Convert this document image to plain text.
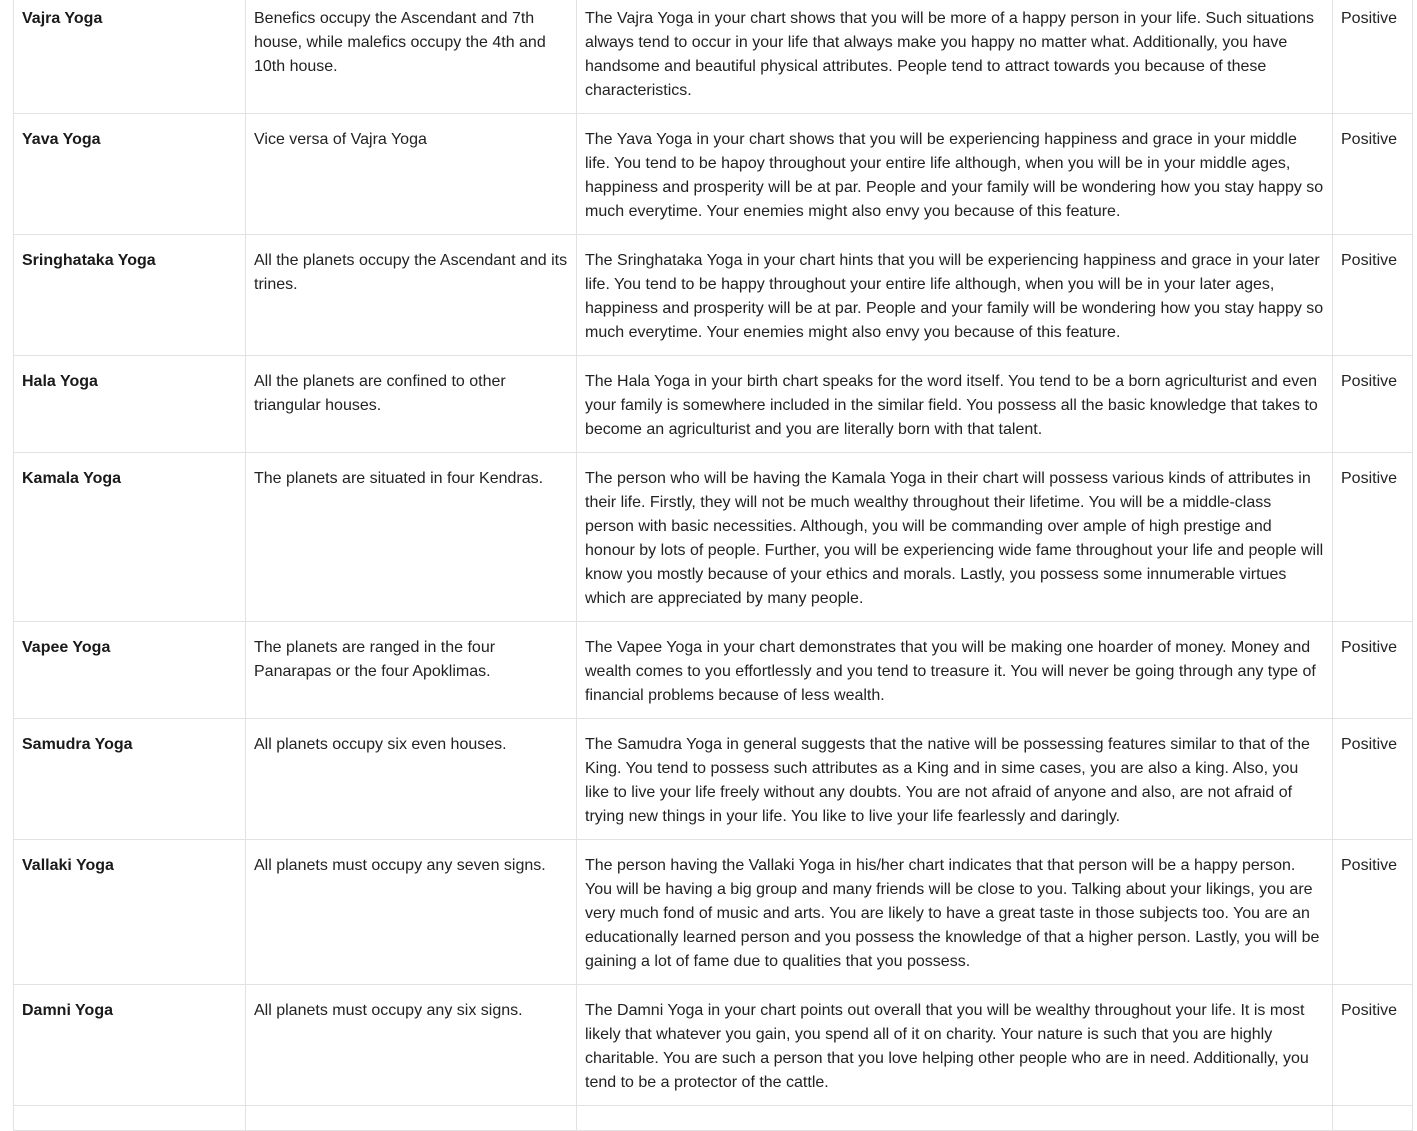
Vajra Yoga	Benefics occupy the Ascendant and 7th house, while malefics occupy the 4th and 10th house.	The Vajra Yoga in your chart shows that you will be more of a happy person in your life. Such situations always tend to occur in your life that always make you happy no matter what. Additionally, you have handsome and beautiful physical attributes. People tend to attract towards you because of these characteristics.	Positive
Yava Yoga	Vice versa of Vajra Yoga	The Yava Yoga in your chart shows that you will be experiencing happiness and grace in your middle life. You tend to be hapoy throughout your entire life although, when you will be in your middle ages, happiness and prosperity will be at par. People and your family will be wondering how you stay happy so much everytime. Your enemies might also envy you because of this feature.	Positive
Sringhataka Yoga	All the planets occupy the Ascendant and its trines.	The Sringhataka Yoga in your chart hints that you will be experiencing happiness and grace in your later life. You tend to be happy throughout your entire life although, when you will be in your later ages, happiness and prosperity will be at par. People and your family will be wondering how you stay happy so much everytime. Your enemies might also envy you because of this feature.	Positive
Hala Yoga	All the planets are confined to other triangular houses.	The Hala Yoga in your birth chart speaks for the word itself. You tend to be a born agriculturist and even your family is somewhere included in the similar field. You possess all the basic knowledge that takes to become an agriculturist and you are literally born with that talent.	Positive
Kamala Yoga	The planets are situated in four Kendras.	The person who will be having the Kamala Yoga in their chart will possess various kinds of attributes in their life. Firstly, they will not be much wealthy throughout their lifetime. You will be a middle-class person with basic necessities. Although, you will be commanding over ample of high prestige and honour by lots of people. Further, you will be experiencing wide fame throughout your life and people will know you mostly because of your ethics and morals. Lastly, you possess some innumerable virtues which are appreciated by many people.	Positive
Vapee Yoga	The planets are ranged in the four Panarapas or the four Apoklimas.	The Vapee Yoga in your chart demonstrates that you will be making one hoarder of money. Money and wealth comes to you effortlessly and you tend to treasure it. You will never be going through any type of financial problems because of less wealth.	Positive
Samudra Yoga	All planets occupy six even houses.	The Samudra Yoga in general suggests that the native will be possessing features similar to that of the King. You tend to possess such attributes as a King and in sime cases, you are also a king. Also, you like to live your life freely without any doubts. You are not afraid of anyone and also, are not afraid of trying new things in your life. You like to live your life fearlessly and daringly.	Positive
Vallaki Yoga	All planets must occupy any seven signs.	The person having the Vallaki Yoga in his/her chart indicates that that person will be a happy person. You will be having a big group and many friends will be close to you. Talking about your likings, you are very much fond of music and arts. You are likely to have a great taste in those subjects too. You are an educationally learned person and you possess the knowledge of that a higher person. Lastly, you will be gaining a lot of fame due to qualities that you possess.	Positive
Damni Yoga	All planets must occupy any six signs.	The Damni Yoga in your chart points out overall that you will be wealthy throughout your life. It is most likely that whatever you gain, you spend all of it on charity. Your nature is such that you are highly charitable. You are such a person that you love helping other people who are in need. Additionally, you tend to be a protector of the cattle.	Positive
